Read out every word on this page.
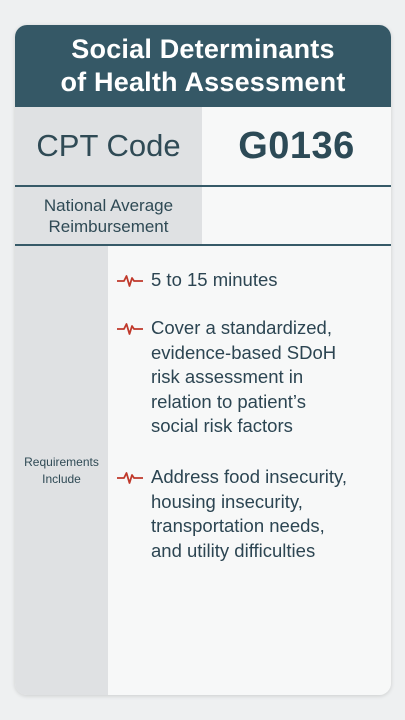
Social Determinants
of Health Assessment
CPT Code	G0136
National Average
Reimbursement
Requirements
Include
5 to 15 minutes
Cover a standardized,
evidence-based SDoH
risk assessment in
relation to patient’s
social risk factors
Address food insecurity,
housing insecurity,
transportation needs,
and utility difficulties
